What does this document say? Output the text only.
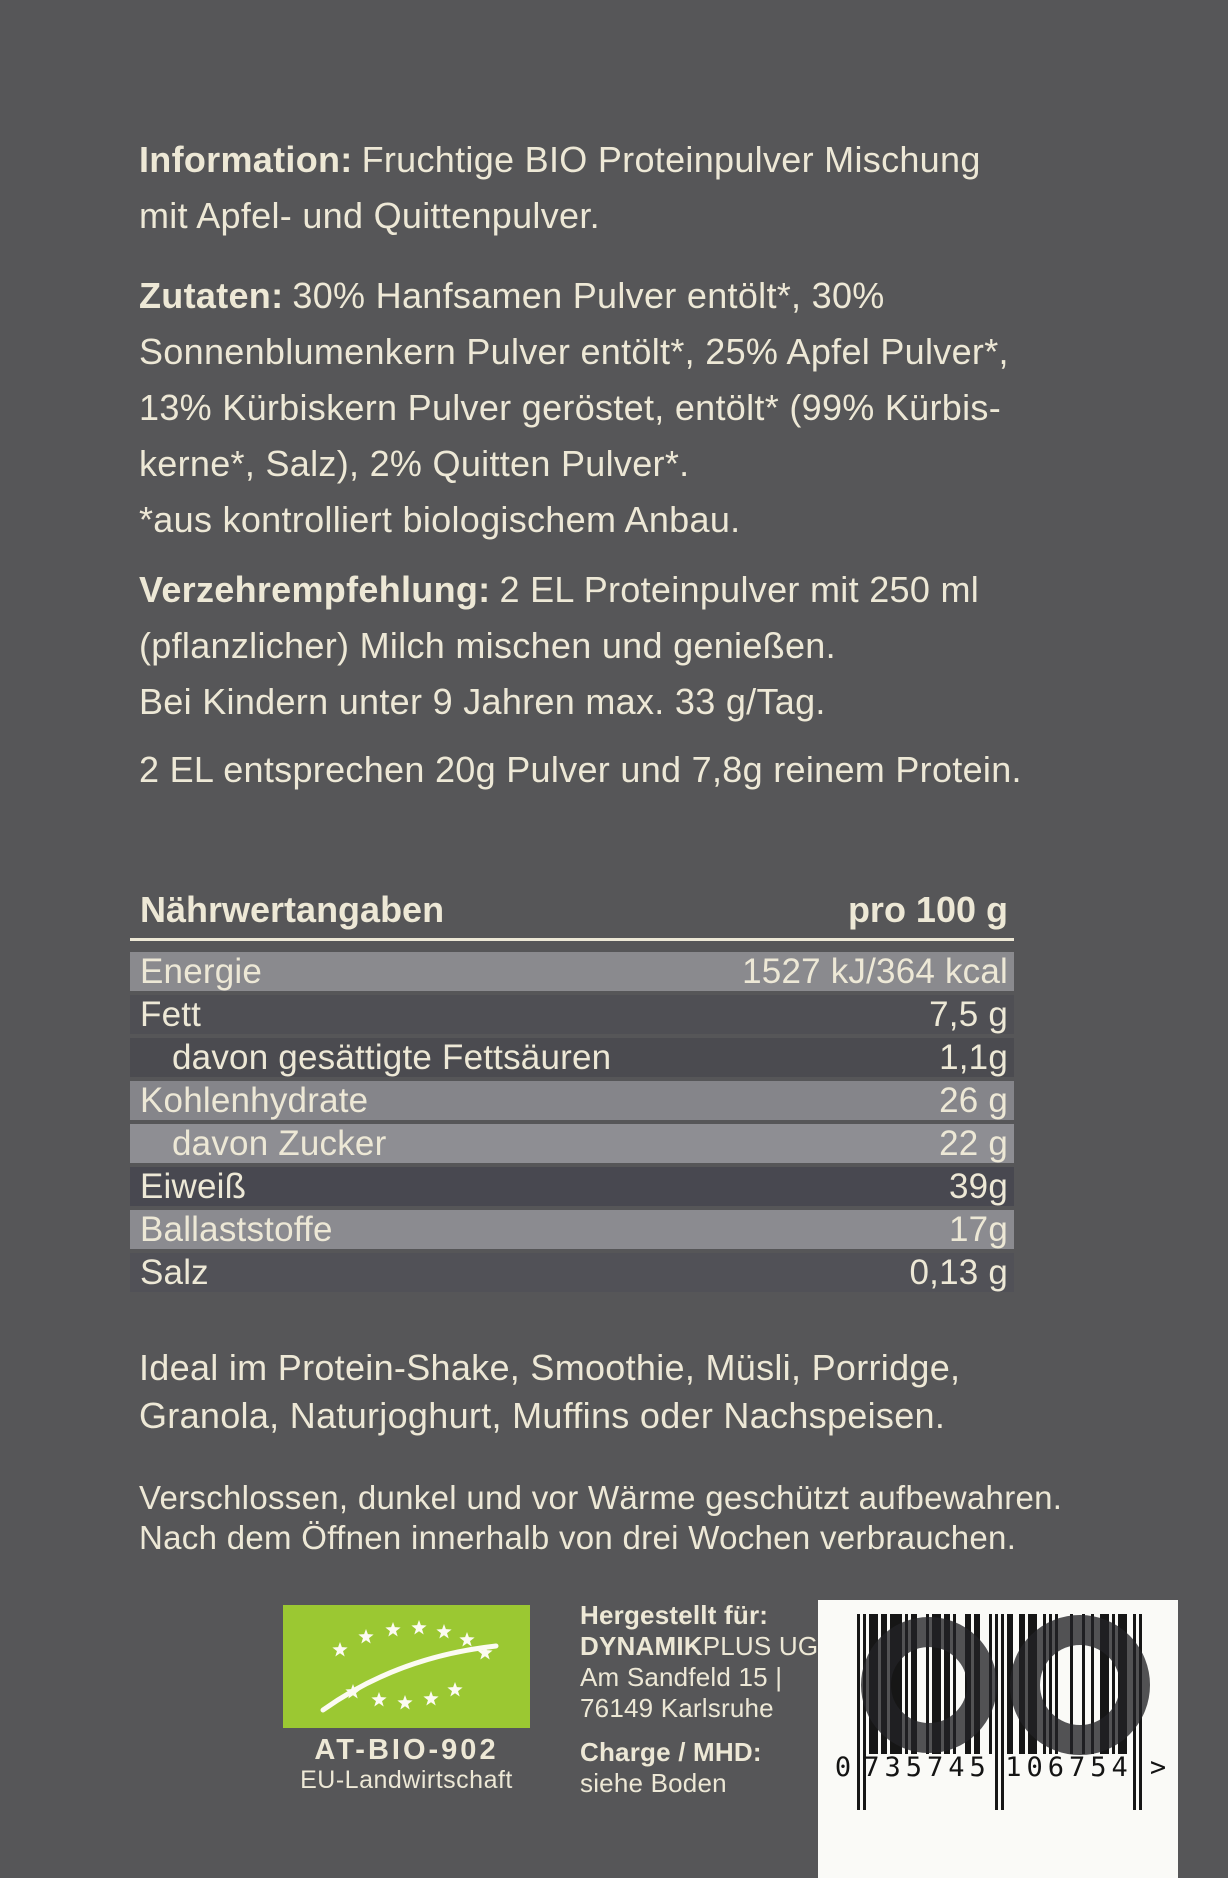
Information: Fruchtige BIO Proteinpulver Mischung
mit Apfel- und Quittenpulver.
Zutaten: 30% Hanfsamen Pulver entölt*, 30%
Sonnenblumenkern Pulver entölt*, 25% Apfel Pulver*,
13% Kürbiskern Pulver geröstet, entölt* (99% Kürbis-
kerne*, Salz), 2% Quitten Pulver*.
*aus kontrolliert biologischem Anbau.
Verzehrempfehlung: 2 EL Proteinpulver mit 250 ml
(pflanzlicher) Milch mischen und genießen.
Bei Kindern unter 9 Jahren max. 33 g/Tag.
2 EL entsprechen 20g Pulver und 7,8g reinem Protein.
Nährwertangaben	pro 100 g
Energie	1527 kJ/364 kcal
Fett	7,5 g
davon gesättigte Fettsäuren	1,1g
Kohlenhydrate	26 g
davon Zucker	22 g
Eiweiß	39g
Ballaststoffe	17g
Salz	0,13 g
Ideal im Protein-Shake, Smoothie, Müsli, Porridge,
Granola, Naturjoghurt, Muffins oder Nachspeisen.
Verschlossen, dunkel und vor Wärme geschützt aufbewahren.
Nach dem Öffnen innerhalb von drei Wochen verbrauchen.
AT-BIO-902
EU-Landwirtschaft
Hergestellt für:
DYNAMIKPLUS UG
Am Sandfeld 15 |
76149 Karlsruhe
Charge / MHD:
siehe Boden	0 735745 106754 >
